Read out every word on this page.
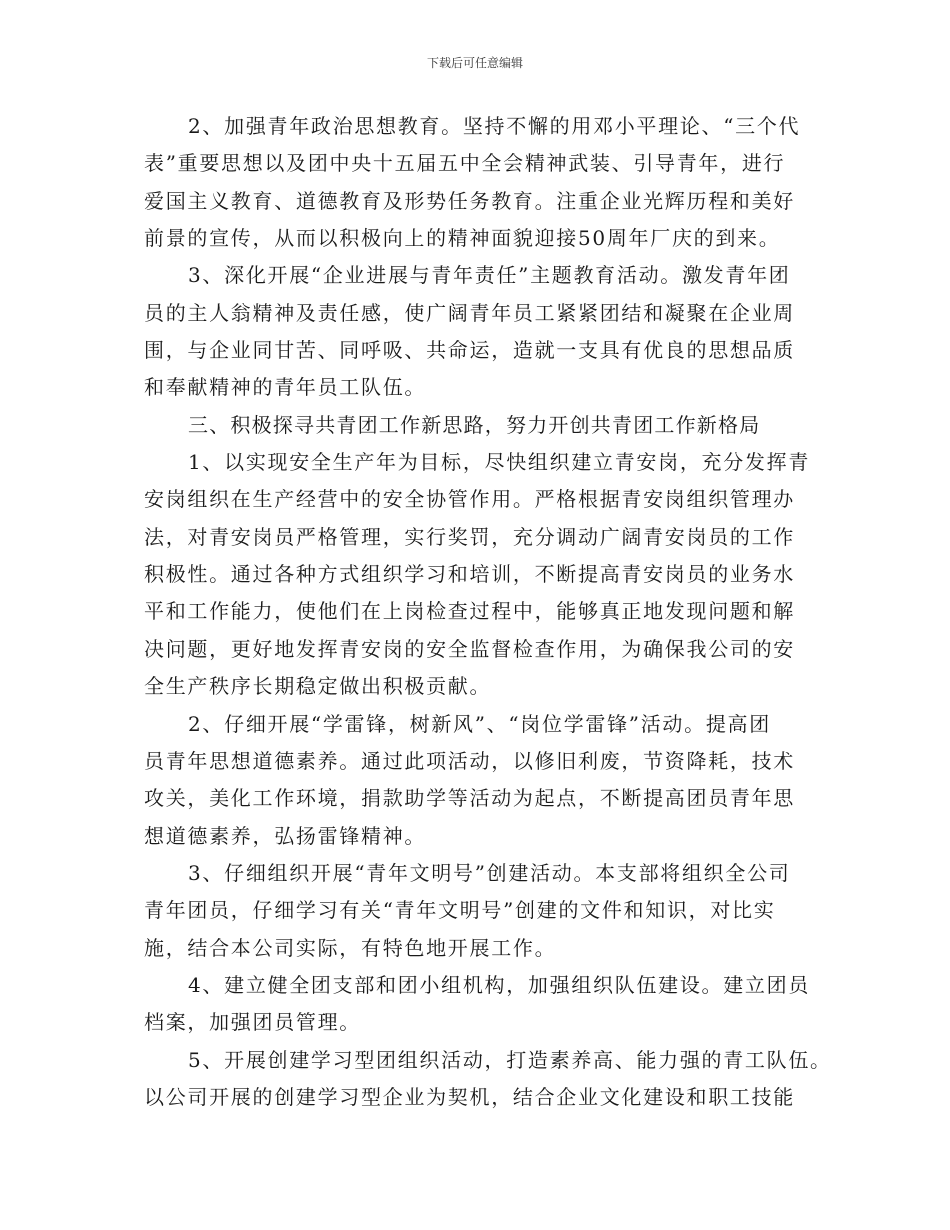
下载后可任意编辑

2、加强青年政治思想教育。坚持不懈的用邓小平理论、“三个代

表”重要思想以及团中央十五届五中全会精神武装、引导青年，进行

爱国主义教育、道德教育及形势任务教育。注重企业光辉历程和美好

前景的宣传，从而以积极向上的精神面貌迎接50周年厂庆的到来。

3、深化开展“企业进展与青年责任”主题教育活动。激发青年团

员的主人翁精神及责任感，使广阔青年员工紧紧团结和凝聚在企业周

围，与企业同甘苦、同呼吸、共命运，造就一支具有优良的思想品质

和奉献精神的青年员工队伍。

三、积极探寻共青团工作新思路，努力开创共青团工作新格局

1、以实现安全生产年为目标，尽快组织建立青安岗，充分发挥青

安岗组织在生产经营中的安全协管作用。严格根据青安岗组织管理办

法，对青安岗员严格管理，实行奖罚，充分调动广阔青安岗员的工作

积极性。通过各种方式组织学习和培训，不断提高青安岗员的业务水

平和工作能力，使他们在上岗检查过程中，能够真正地发现问题和解

决问题，更好地发挥青安岗的安全监督检查作用，为确保我公司的安

全生产秩序长期稳定做出积极贡献。

2、仔细开展“学雷锋，树新风”、“岗位学雷锋”活动。提高团

员青年思想道德素养。通过此项活动，以修旧利废，节资降耗，技术

攻关，美化工作环境，捐款助学等活动为起点，不断提高团员青年思

想道德素养，弘扬雷锋精神。

3、仔细组织开展“青年文明号”创建活动。本支部将组织全公司

青年团员，仔细学习有关“青年文明号”创建的文件和知识，对比实

施，结合本公司实际，有特色地开展工作。

4、建立健全团支部和团小组机构，加强组织队伍建设。建立团员

档案，加强团员管理。

5、开展创建学习型团组织活动，打造素养高、能力强的青工队伍。

以公司开展的创建学习型企业为契机，结合企业文化建设和职工技能
